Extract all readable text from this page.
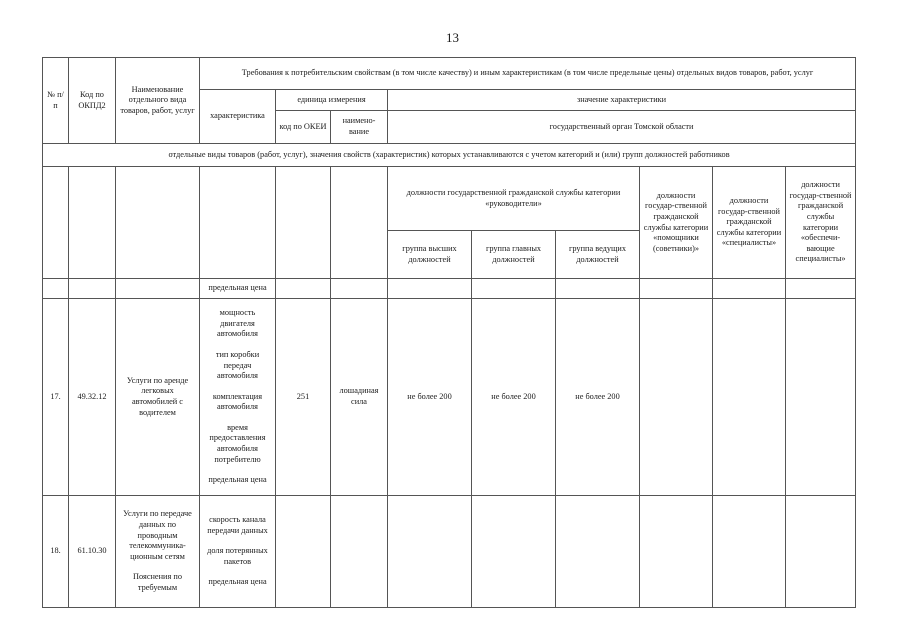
13
№ п/п	Код по ОКПД2	Наименование отдельного вида товаров, работ, услуг	Требования к потребительским свойствам (в том числе качеству) и иным характеристикам (в том числе предельные цены) отдельных видов товаров, работ, услуг								
			характеристика	единица измерения		значение характеристики					
				код по ОКЕИ	наимено-вание	государственный орган Томской области					
отдельные виды товаров (работ, услуг), значения свойств (характеристик) которых устанавливаются с учетом категорий и (или) групп должностей работников											
						должности государственной гражданской службы категории «руководители»			должности государ-ственной гражданской службы категории «помощники (советники)»	должности государ-ственной гражданской службы категории «специалисты»	должности государ-ственной гражданской службы категории «обеспечи-вающие специалисты»
						группа высших должностей	группа главных должностей	группа ведущих должностей			
			предельная цена								
17.	49.32.12	Услуги по аренде легковых автомобилей с водителем	мощность двигателя автомобиля
тип коробки передач автомобиля
комплектация автомобиля
время предоставления автомобиля потребителю
предельная цена	251	лошадиная сила	не более 200	не более 200	не более 200			
18.	61.10.30	Услуги по передаче данных по проводным телекоммуника-ционным сетям
Пояснения по требуемым	скорость канала передачи данных
доля потерянных пакетов
предельная цена								
